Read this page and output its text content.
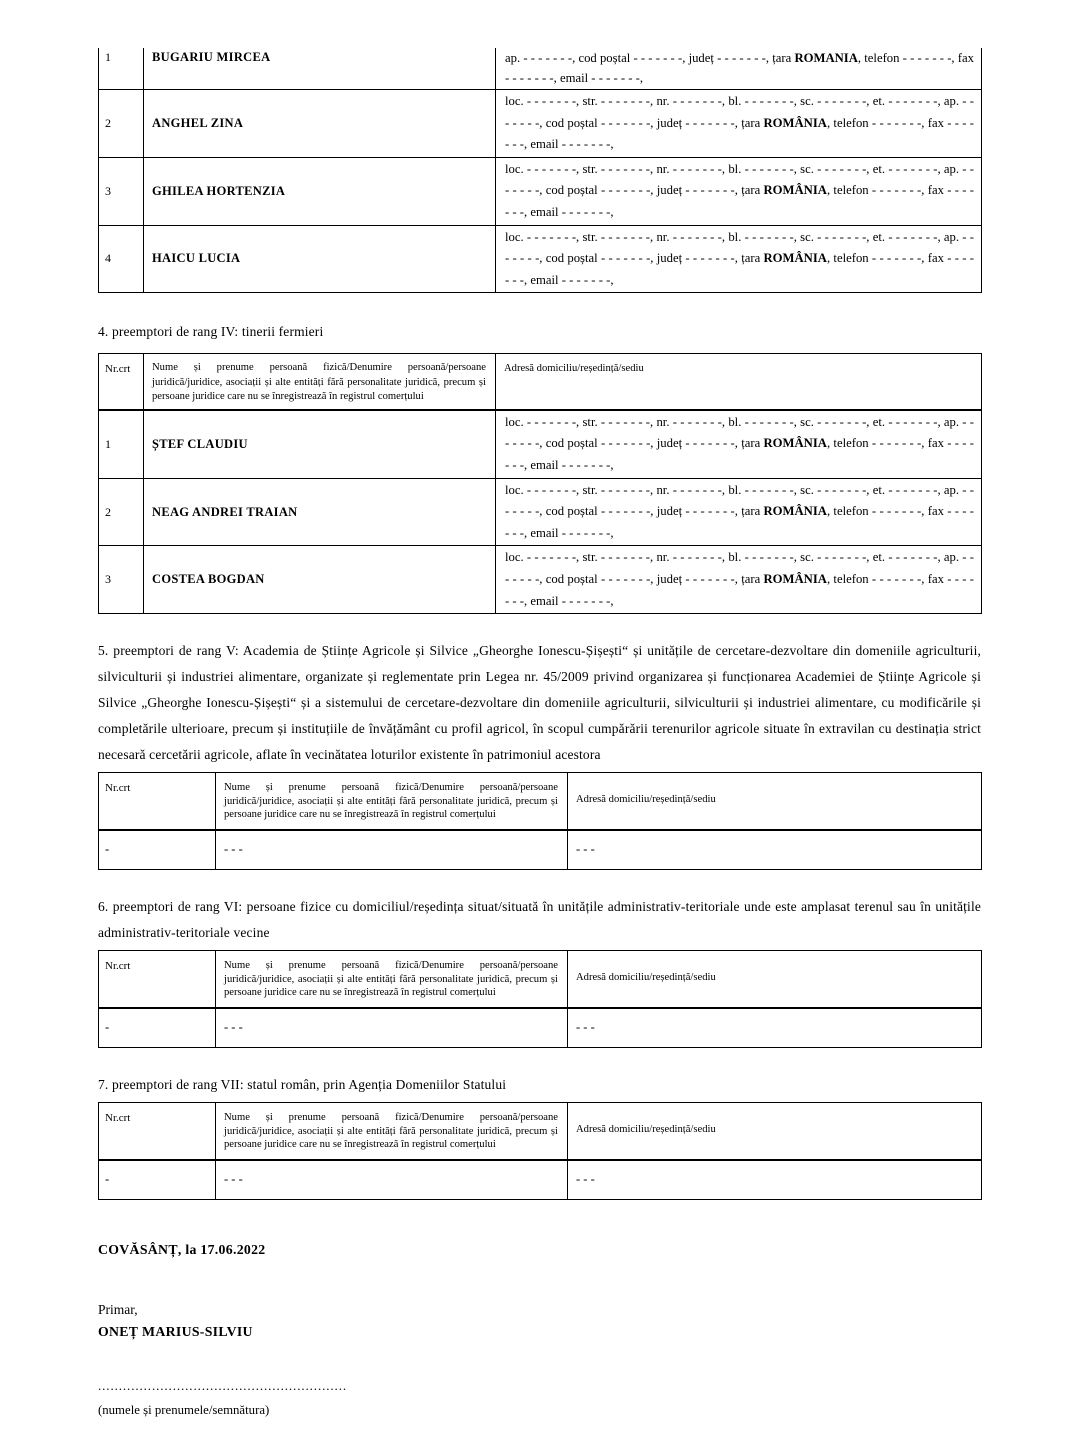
1	BUGARIU MIRCEA	ap. - - - - - - -, cod poștal - - - - - - -, județ - - - - - - -, țara ROMANIA, telefon - - - - - - -, fax - - - - - - -, email - - - - - - -,
2	ANGHEL ZINA	loc. - - - - - - -, str. - - - - - - -, nr. - - - - - - -, bl. - - - - - - -, sc. - - - - - - -, et. - - - - - - -, ap. - - - - - - -, cod poștal - - - - - - -, județ - - - - - - -, țara ROMÂNIA, telefon - - - - - - -, fax - - - - - - -, email - - - - - - -,
3	GHILEA HORTENZIA	loc. - - - - - - -, str. - - - - - - -, nr. - - - - - - -, bl. - - - - - - -, sc. - - - - - - -, et. - - - - - - -, ap. - - - - - - -, cod poștal - - - - - - -, județ - - - - - - -, țara ROMÂNIA, telefon - - - - - - -, fax - - - - - - -, email - - - - - - -,
4	HAICU LUCIA	loc. - - - - - - -, str. - - - - - - -, nr. - - - - - - -, bl. - - - - - - -, sc. - - - - - - -, et. - - - - - - -, ap. - - - - - - -, cod poștal - - - - - - -, județ - - - - - - -, țara ROMÂNIA, telefon - - - - - - -, fax - - - - - - -, email - - - - - - -,
4. preemptori de rang IV: tinerii fermieri
Nr.crt	Nume și prenume persoană fizică/Denumire persoană/persoane juridică/juridice, asociații și alte entități fără personalitate juridică, precum și persoane juridice care nu se înregistrează în registrul comerțului	Adresă domiciliu/reședință/sediu
1	ȘTEF CLAUDIU	loc. - - - - - - -, str. - - - - - - -, nr. - - - - - - -, bl. - - - - - - -, sc. - - - - - - -, et. - - - - - - -, ap. - - - - - - -, cod poștal - - - - - - -, județ - - - - - - -, țara ROMÂNIA, telefon - - - - - - -, fax - - - - - - -, email - - - - - - -,
2	NEAG ANDREI TRAIAN	loc. - - - - - - -, str. - - - - - - -, nr. - - - - - - -, bl. - - - - - - -, sc. - - - - - - -, et. - - - - - - -, ap. - - - - - - -, cod poștal - - - - - - -, județ - - - - - - -, țara ROMÂNIA, telefon - - - - - - -, fax - - - - - - -, email - - - - - - -,
3	COSTEA BOGDAN	loc. - - - - - - -, str. - - - - - - -, nr. - - - - - - -, bl. - - - - - - -, sc. - - - - - - -, et. - - - - - - -, ap. - - - - - - -, cod poștal - - - - - - -, județ - - - - - - -, țara ROMÂNIA, telefon - - - - - - -, fax - - - - - - -, email - - - - - - -,
5. preemptori de rang V: Academia de Științe Agricole și Silvice „Gheorghe Ionescu-Șișești“ și unitățile de cercetare-dezvoltare din domeniile agriculturii, silviculturii și industriei alimentare, organizate și reglementate prin Legea nr. 45/2009 privind organizarea și funcționarea Academiei de Științe Agricole și Silvice „Gheorghe Ionescu-Șișești“ și a sistemului de cercetare-dezvoltare din domeniile agriculturii, silviculturii și industriei alimentare, cu modificările și completările ulterioare, precum și instituțiile de învățământ cu profil agricol, în scopul cumpărării terenurilor agricole situate în extravilan cu destinația strict necesară cercetării agricole, aflate în vecinătatea loturilor existente în patrimoniul acestora
Nr.crt	Nume și prenume persoană fizică/Denumire persoană/persoane juridică/juridice, asociații și alte entități fără personalitate juridică, precum și persoane juridice care nu se înregistrează în registrul comerțului	Adresă domiciliu/reședință/sediu
-	- - -	- - -
6. preemptori de rang VI: persoane fizice cu domiciliul/reședința situat/situată în unitățile administrativ-teritoriale unde este amplasat terenul sau în unitățile administrativ-teritoriale vecine
Nr.crt	Nume și prenume persoană fizică/Denumire persoană/persoane juridică/juridice, asociații și alte entități fără personalitate juridică, precum și persoane juridice care nu se înregistrează în registrul comerțului	Adresă domiciliu/reședință/sediu
-	- - -	- - -
7. preemptori de rang VII: statul român, prin Agenția Domeniilor Statului
Nr.crt	Nume și prenume persoană fizică/Denumire persoană/persoane juridică/juridice, asociații și alte entități fără personalitate juridică, precum și persoane juridice care nu se înregistrează în registrul comerțului	Adresă domiciliu/reședință/sediu
-	- - -	- - -
COVĂSÂNȚ, la 17.06.2022
Primar,
ONEȚ MARIUS-SILVIU
............................................................
(numele și prenumele/semnătura)
